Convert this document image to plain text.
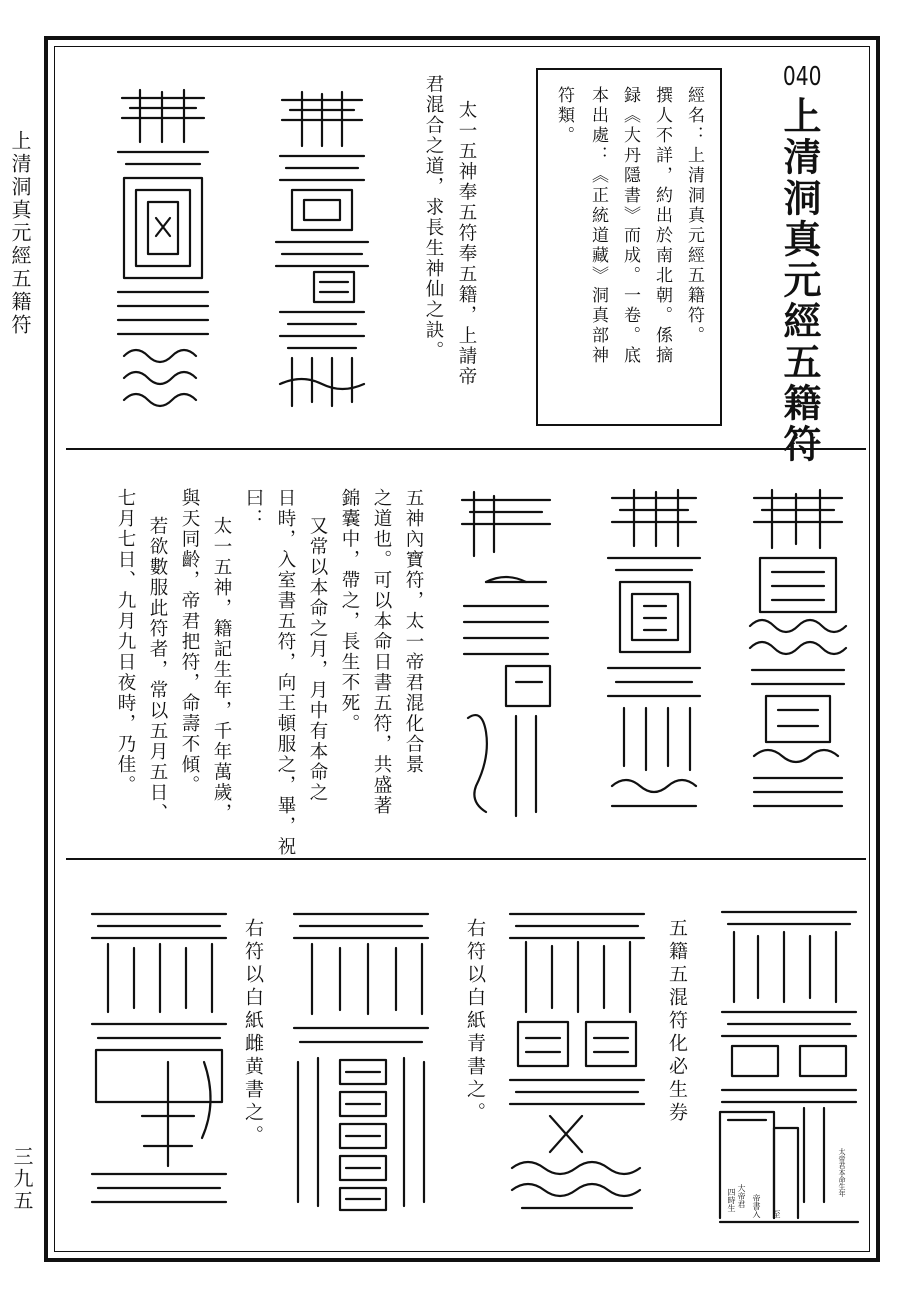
上清洞真元經五籍符
三九五
040
上清洞真元經五籍符
經名：上清洞真元經五籍符。
撰人不詳，約出於南北朝。係摘
録《大丹隱書》而成。一卷。底
本出處：《正統道藏》洞真部神
符類。
太一五神奉五符奉五籍，上請帝
君混合之道，求長生神仙之訣。
五神內寶符，太一帝君混化合景
之道也。可以本命日書五符，共盛著
錦囊中，帶之，長生不死。
又常以本命之月，月中有本命之
日時，入室書五符，向王頓服之，畢，祝
曰：
太一五神，籍記生年，千年萬歲，
與天同齡，帝君把符，命壽不傾。
若欲數服此符者，常以五月五日、
七月七日、九月九日夜時，乃佳。
五籍五混符化必生券
右符以白紙青書之。
右符以白紙雌黄書之。
大帝君
四時生 帝書入 至
太帝君本命生年
